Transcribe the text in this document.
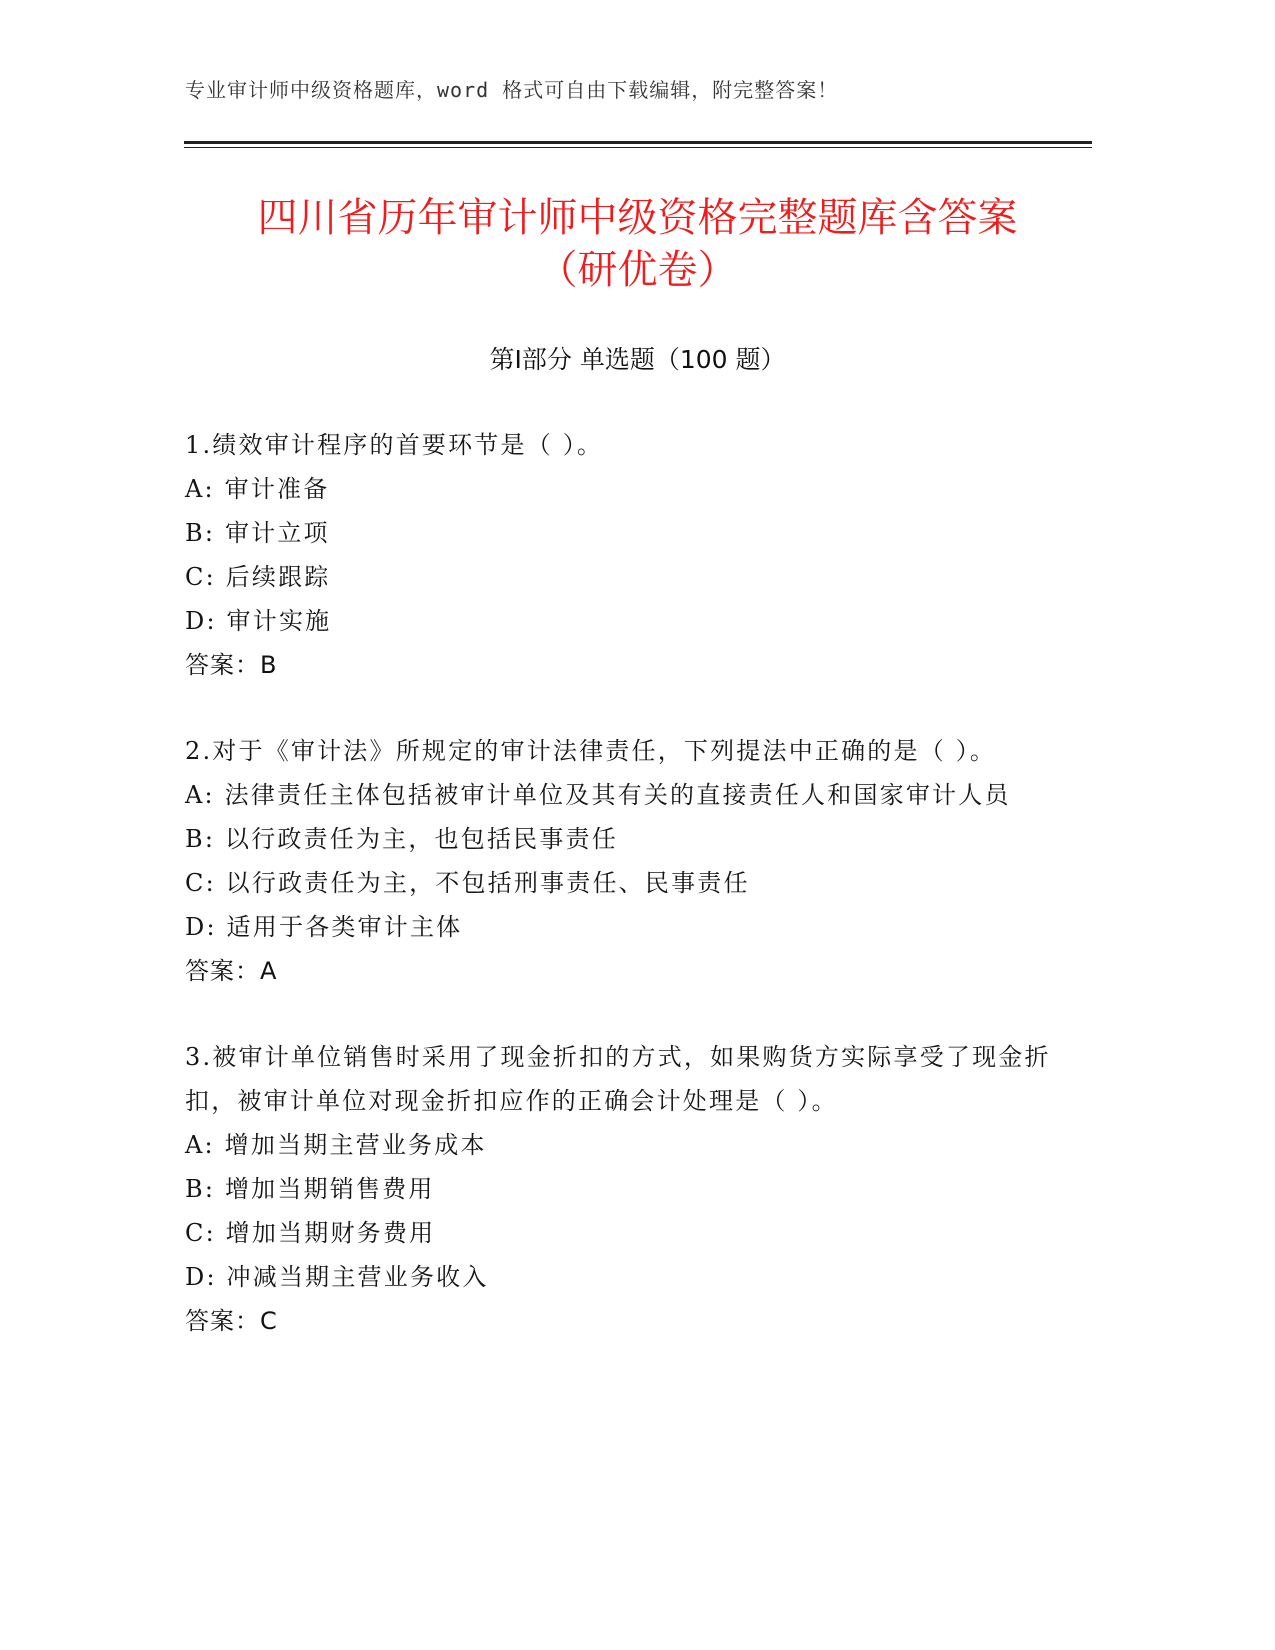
专业审计师中级资格题库，word 格式可自由下载编辑，附完整答案！
四川省历年审计师中级资格完整题库含答案
（研优卷）
第Ⅰ部分 单选题（100 题）
1.绩效审计程序的首要环节是（ ）。
A: 审计准备
B: 审计立项
C: 后续跟踪
D: 审计实施
答案：B
2.对于《审计法》所规定的审计法律责任，下列提法中正确的是（ ）。
A: 法律责任主体包括被审计单位及其有关的直接责任人和国家审计人员
B: 以行政责任为主，也包括民事责任
C: 以行政责任为主，不包括刑事责任、民事责任
D: 适用于各类审计主体
答案：A
3.被审计单位销售时采用了现金折扣的方式，如果购货方实际享受了现金折扣，被审计单位对现金折扣应作的正确会计处理是（ ）。
A: 增加当期主营业务成本
B: 增加当期销售费用
C: 增加当期财务费用
D: 冲减当期主营业务收入
答案：C
